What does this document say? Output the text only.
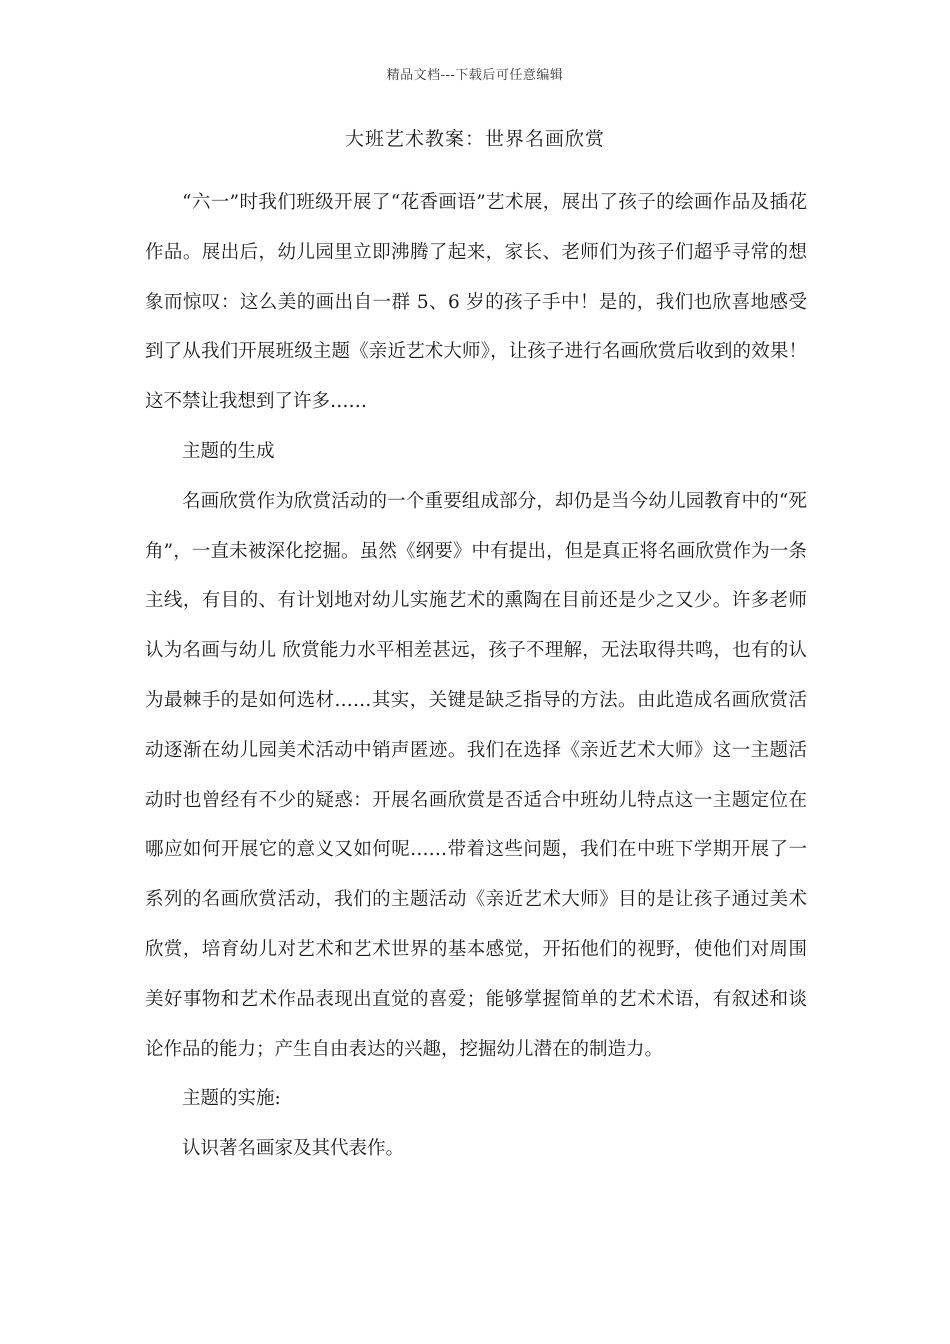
精品文档---下载后可任意编辑
大班艺术教案：世界名画欣赏

“六一”时我们班级开展了“花香画语”艺术展，展出了孩子的绘画作品及插花作品。展出后，幼儿园里立即沸腾了起来，家长、老师们为孩子们超乎寻常的想象而惊叹：这么美的画出自一群 5、6 岁的孩子手中！是的，我们也欣喜地感受到了从我们开展班级主题《亲近艺术大师》，让孩子进行名画欣赏后收到的效果！这不禁让我想到了许多……

主题的生成

名画欣赏作为欣赏活动的一个重要组成部分，却仍是当今幼儿园教育中的“死角”，一直未被深化挖掘。虽然《纲要》中有提出，但是真正将名画欣赏作为一条主线，有目的、有计划地对幼儿实施艺术的熏陶在目前还是少之又少。许多老师认为名画与幼儿 欣赏能力水平相差甚远，孩子不理解，无法取得共鸣，也有的认为最棘手的是如何选材……其实，关键是缺乏指导的方法。由此造成名画欣赏活动逐渐在幼儿园美术活动中销声匿迹。我们在选择《亲近艺术大师》这一主题活动时也曾经有不少的疑惑：开展名画欣赏是否适合中班幼儿特点这一主题定位在哪应如何开展它的意义又如何呢……带着这些问题，我们在中班下学期开展了一系列的名画欣赏活动，我们的主题活动《亲近艺术大师》目的是让孩子通过美术欣赏，培育幼儿对艺术和艺术世界的基本感觉，开拓他们的视野，使他们对周围美好事物和艺术作品表现出直觉的喜爱；能够掌握简单的艺术术语，有叙述和谈论作品的能力；产生自由表达的兴趣，挖掘幼儿潜在的制造力。

主题的实施:

认识著名画家及其代表作。
